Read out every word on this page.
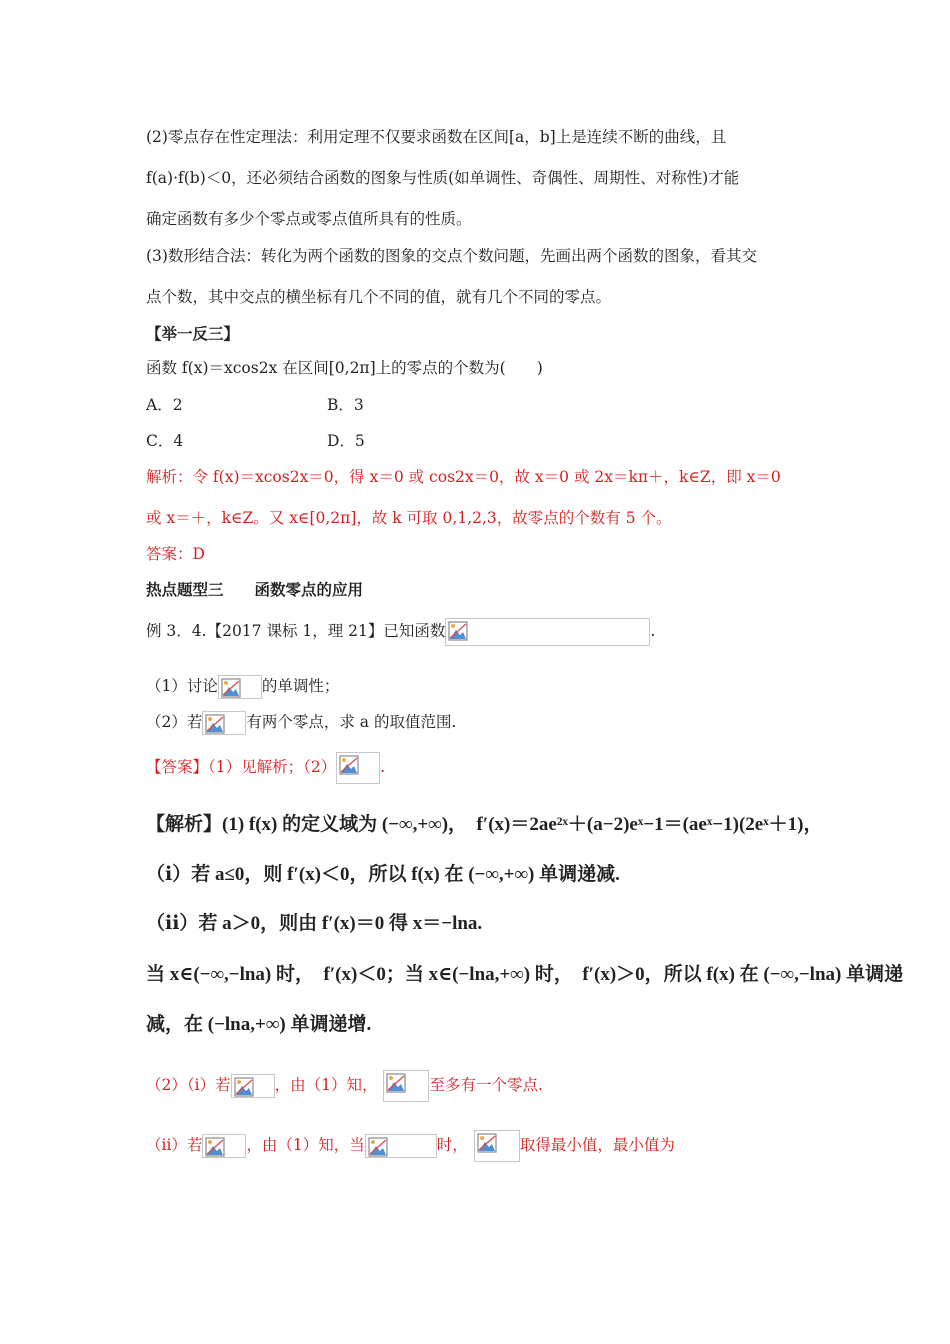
(2)零点存在性定理法：利用定理不仅要求函数在区间[a，b]上是连续不断的曲线，且
f(a)·f(b)＜0，还必须结合函数的图象与性质(如单调性、奇偶性、周期性、对称性)才能
确定函数有多少个零点或零点值所具有的性质。
(3)数形结合法：转化为两个函数的图象的交点个数问题，先画出两个函数的图象，看其交
点个数，其中交点的横坐标有几个不同的值，就有几个不同的零点。
【举一反三】
函数 f(x)＝xcos2x 在区间[0,2π]上的零点的个数为(　　)
A．2	B．3
C．4	D．5
解析：令 f(x)＝xcos2x＝0，得 x＝0 或 cos2x＝0，故 x＝0 或 2x＝kπ＋，k∈Z，即 x＝0
或 x＝＋，k∈Z。又 x∈[0,2π]，故 k 可取 0,1,2,3，故零点的个数有 5 个。
答案：D
热点题型三　　函数零点的应用
例 3．4.【2017 课标 1，理 21】已知函数	.
（1）讨论	的单调性；
（2）若	有两个零点，求 a 的取值范围.
【答案】（1）见解析；（2）	.
【解析】(1) f(x) 的定义域为 (−∞,+∞)，　f′(x)＝2ae²ˣ＋(a−2)eˣ−1＝(aeˣ−1)(2eˣ＋1)，
（ⅰ）若 a≤0，则 f′(x)＜0，所以 f(x) 在 (−∞,+∞) 单调递减.
（ⅱ）若 a＞0，则由 f′(x)＝0 得 x＝−lna.
当 x∈(−∞,−lna) 时，　f′(x)＜0；当 x∈(−lna,+∞) 时，　f′(x)＞0，所以 f(x) 在 (−∞,−lna) 单调递
减，在 (−lna,+∞) 单调递增.
（2）（ⅰ）若	，由（1）知，	至多有一个零点.
（ⅱ）若	，由（1）知，当	时，	取得最小值，最小值为
